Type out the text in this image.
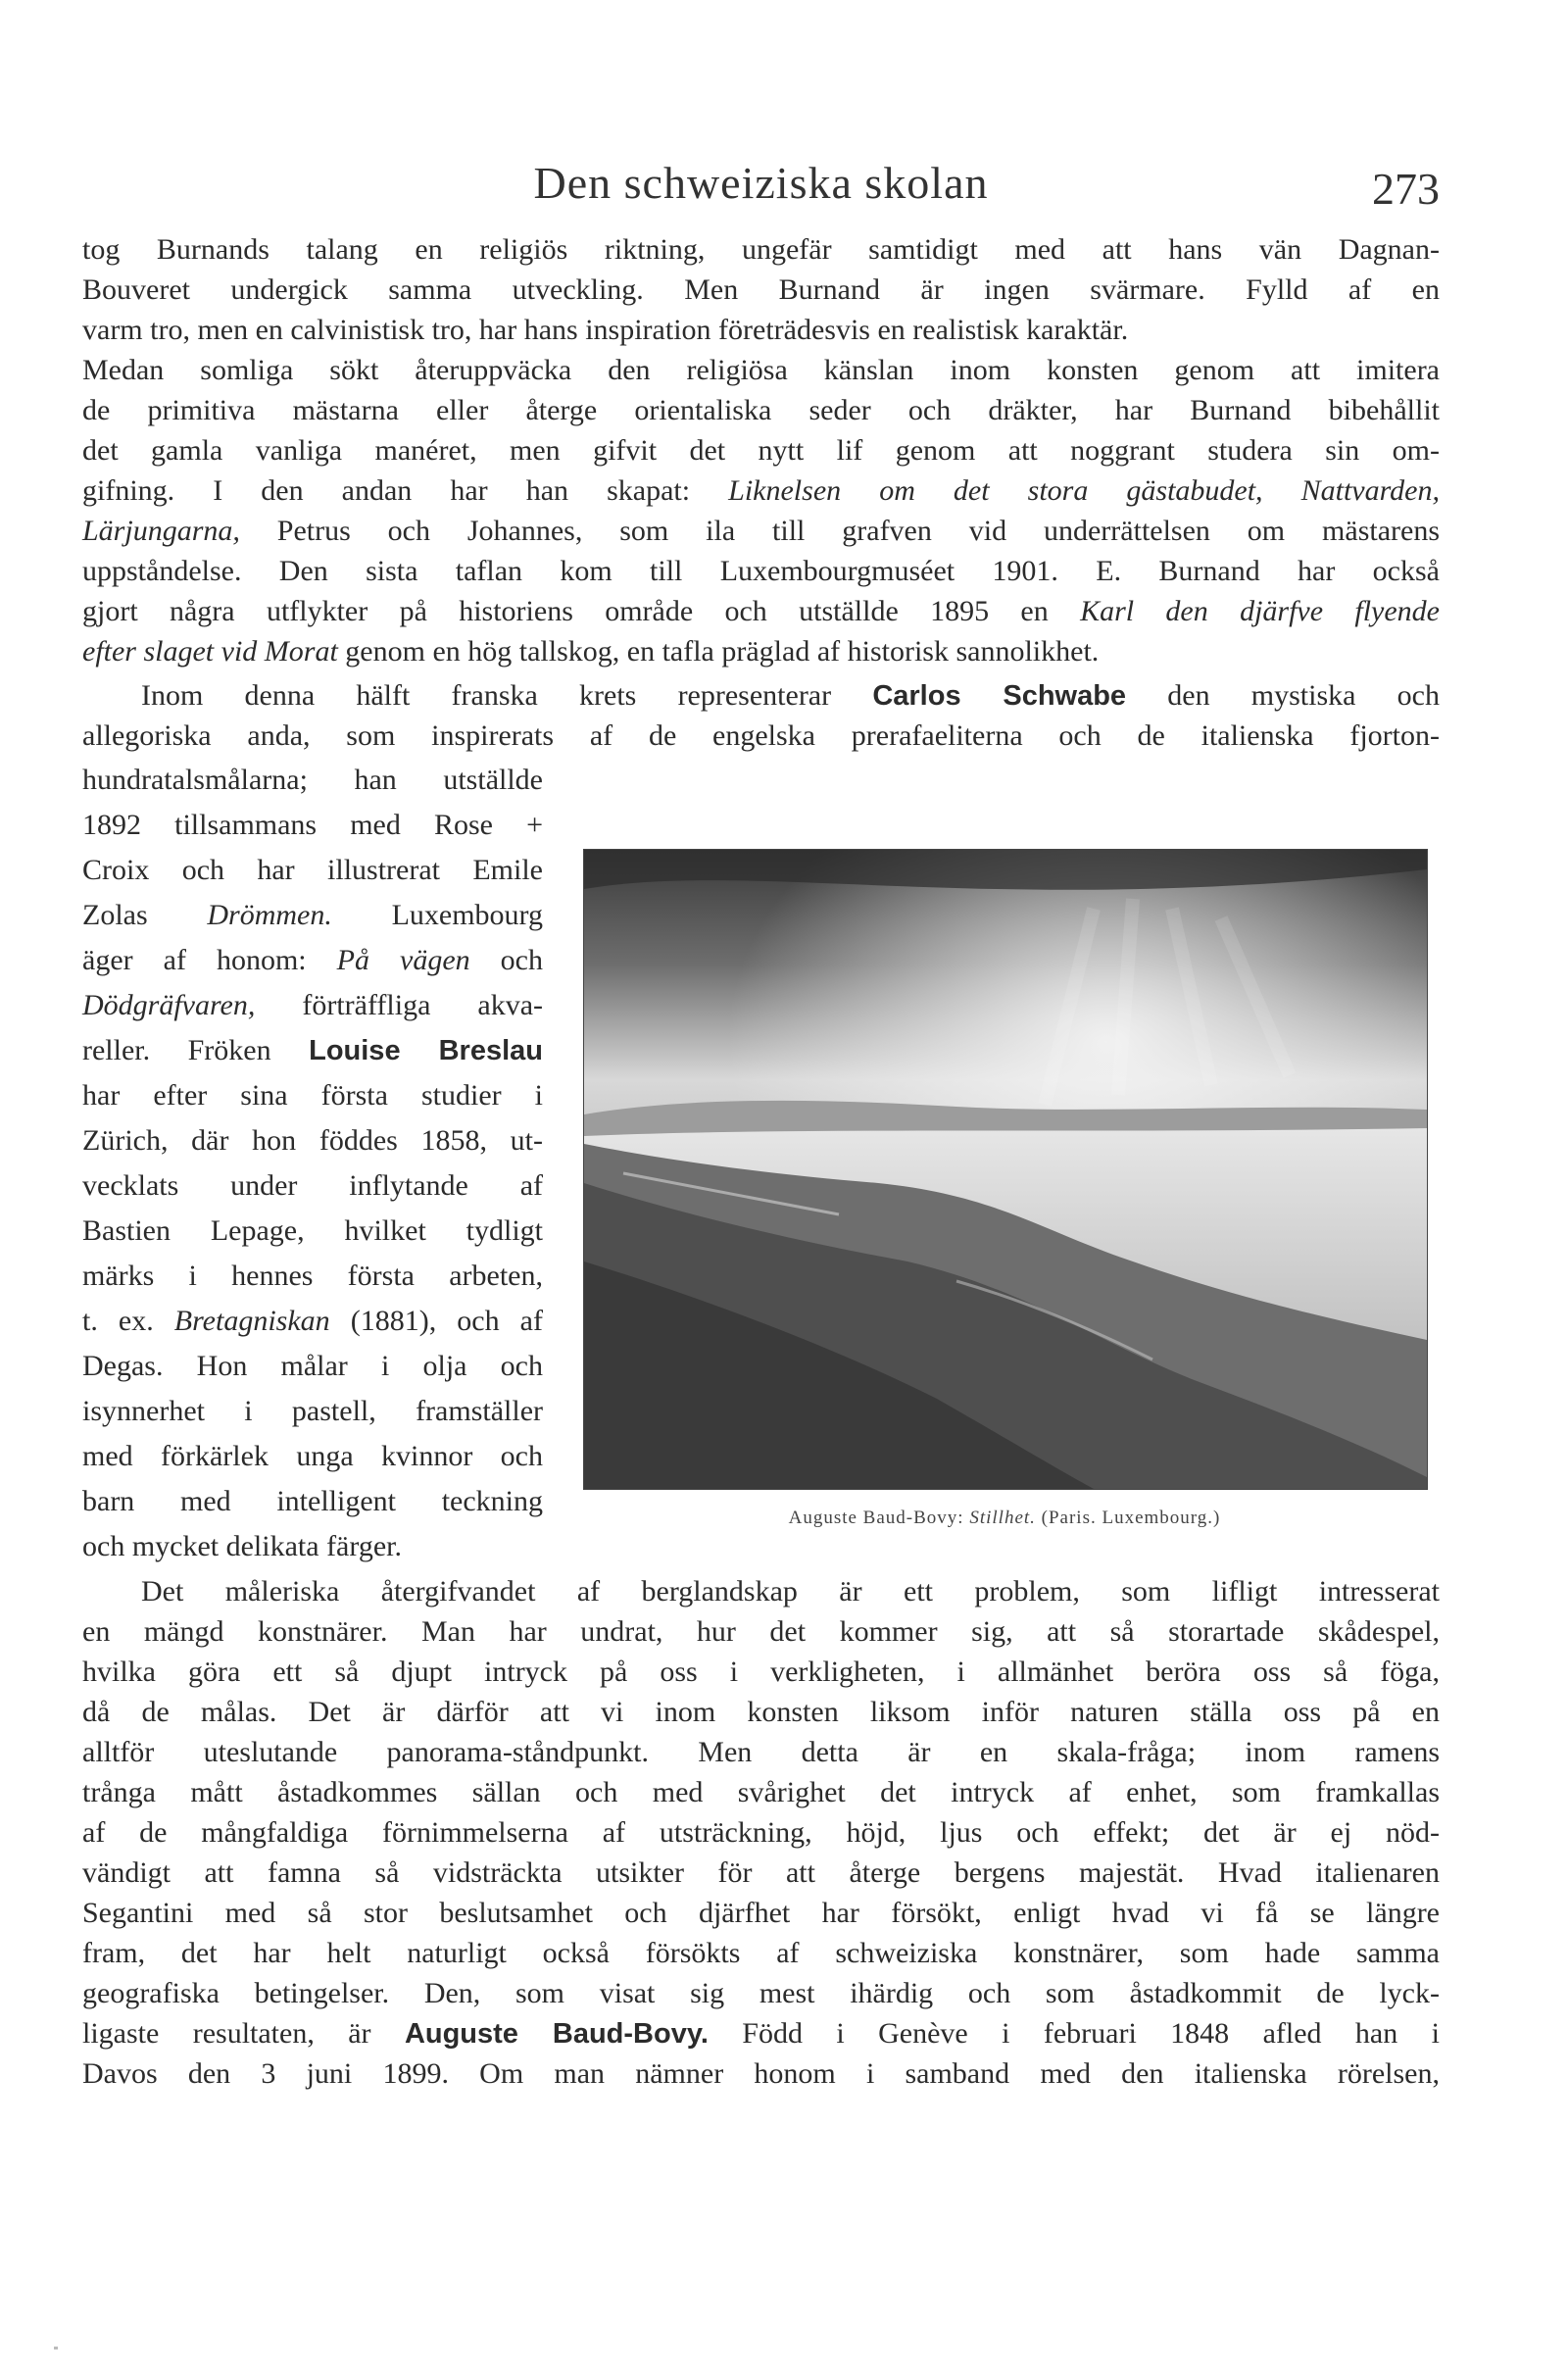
Den schweiziska skolan	273
tog Burnands talang en religiös riktning, ungefär samtidigt med att hans vän Dagnan-
Bouveret undergick samma utveckling. Men Burnand är ingen svärmare. Fylld af en
varm tro, men en calvinistisk tro, har hans inspiration företrädesvis en realistisk karaktär.
Medan somliga sökt återuppväcka den religiösa känslan inom konsten genom att imitera
de primitiva mästarna eller återge orientaliska seder och dräkter, har Burnand bibehållit
det gamla vanliga manéret, men gifvit det nytt lif genom att noggrant studera sin om-
gifning. I den andan har han skapat: Liknelsen om det stora gästabudet, Nattvarden,
Lärjungarna, Petrus och Johannes, som ila till grafven vid underrättelsen om mästarens
uppståndelse. Den sista taflan kom till Luxembourgmuséet 1901. E. Burnand har också
gjort några utflykter på historiens område och utställde 1895 en Karl den djärfve flyende
efter slaget vid Morat genom en hög tallskog, en tafla präglad af historisk sannolikhet.
Inom denna hälft franska krets representerar Carlos Schwabe den mystiska och
allegoriska anda, som inspirerats af de engelska prerafaeliterna och de italienska fjorton-
hundratalsmålarna; han utställde
1892 tillsammans med Rose +
Croix och har illustrerat Emile
Zolas Drömmen. Luxembourg
äger af honom: På vägen och
Dödgräfvaren, förträffliga akva-
reller. Fröken Louise Breslau
har efter sina första studier i
Zürich, där hon föddes 1858, ut-
vecklats under inflytande af
Bastien Lepage, hvilket tydligt
märks i hennes första arbeten,
t. ex. Bretagniskan (1881), och af
Degas. Hon målar i olja och
isynnerhet i pastell, framställer
med förkärlek unga kvinnor och
barn med intelligent teckning
och mycket delikata färger.
Auguste Baud-Bovy: Stillhet. (Paris. Luxembourg.)
Det måleriska återgifvandet af berglandskap är ett problem, som lifligt intresserat
en mängd konstnärer. Man har undrat, hur det kommer sig, att så storartade skådespel,
hvilka göra ett så djupt intryck på oss i verkligheten, i allmänhet beröra oss så föga,
då de målas. Det är därför att vi inom konsten liksom inför naturen ställa oss på en
alltför uteslutande panorama-ståndpunkt. Men detta är en skala-fråga; inom ramens
trånga mått åstadkommes sällan och med svårighet det intryck af enhet, som framkallas
af de mångfaldiga förnimmelserna af utsträckning, höjd, ljus och effekt; det är ej nöd-
vändigt att famna så vidsträckta utsikter för att återge bergens majestät. Hvad italienaren
Segantini med så stor beslutsamhet och djärfhet har försökt, enligt hvad vi få se längre
fram, det har helt naturligt också försökts af schweiziska konstnärer, som hade samma
geografiska betingelser. Den, som visat sig mest ihärdig och som åstadkommit de lyck-
ligaste resultaten, är Auguste Baud-Bovy. Född i Genève i februari 1848 afled han i
Davos den 3 juni 1899. Om man nämner honom i samband med den italienska rörelsen,
